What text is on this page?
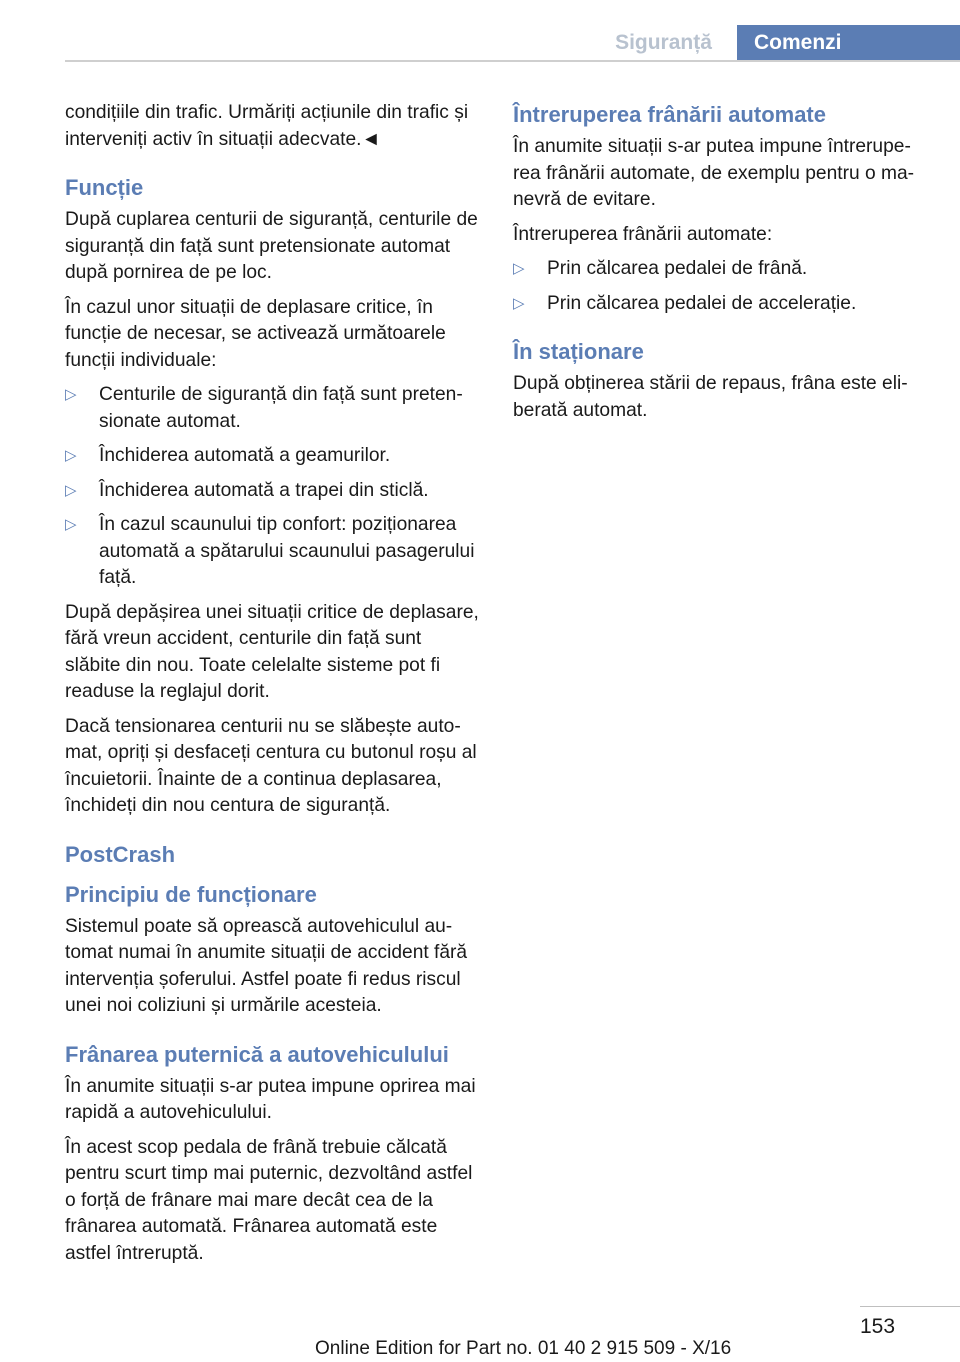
Siguranță	Comenzi

condițiile din trafic. Urmăriți acțiunile din trafic și interveniți activ în situații adecvate.◄

Funcție

După cuplarea centurii de siguranță, centurile de siguranță din față sunt pretensionate automat după pornirea de pe loc.

În cazul unor situații de deplasare critice, în funcție de necesar, se activează următoarele funcții individuale:

▷ Centurile de siguranță din față sunt pretensionate automat.
▷ Închiderea automată a geamurilor.
▷ Închiderea automată a trapei din sticlă.
▷ În cazul scaunului tip confort: poziționarea automată a spătarului scaunului pasagerului față.

După depășirea unei situații critice de deplasare, fără vreun accident, centurile din față sunt slăbite din nou. Toate celelalte sisteme pot fi readuse la reglajul dorit.

Dacă tensionarea centurii nu se slăbește automat, opriți și desfaceți centura cu butonul roșu al încuietorii. Înainte de a continua deplasarea, închideți din nou centura de siguranță.

PostCrash
Principiu de funcționare

Sistemul poate să oprească autovehiculul automat numai în anumite situații de accident fără intervenția șoferului. Astfel poate fi redus riscul unei noi coliziuni și urmările acesteia.

Frânarea puternică a autovehiculului

În anumite situații s-ar putea impune oprirea mai rapidă a autovehiculului.

În acest scop pedala de frână trebuie călcată pentru scurt timp mai puternic, dezvoltând astfel o forță de frânare mai mare decât cea de la frânarea automată. Frânarea automată este astfel întreruptă.

Întreruperea frânării automate

În anumite situații s-ar putea impune întreruperea frânării automate, de exemplu pentru o manevră de evitare.

Întreruperea frânării automate:

▷ Prin călcarea pedalei de frână.
▷ Prin călcarea pedalei de accelerație.
În staționare

După obținerea stării de repaus, frâna este eliberată automat.

153
Online Edition for Part no. 01 40 2 915 509 - X/16
